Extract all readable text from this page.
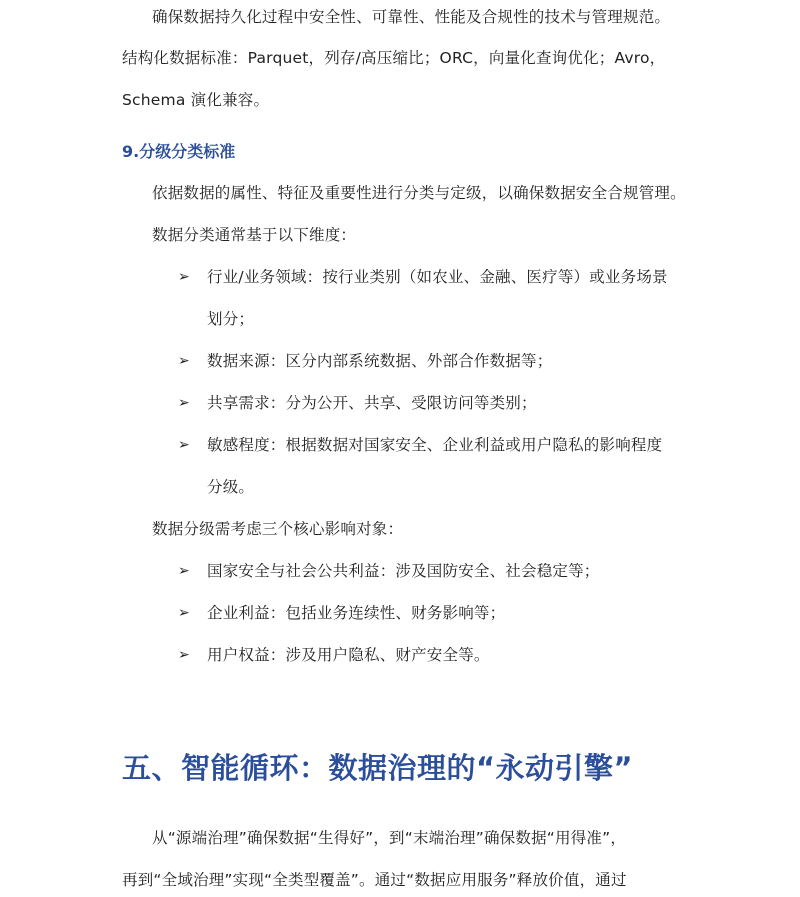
确保数据持久化过程中安全性、可靠性、性能及合规性的技术与管理规范。
结构化数据标准：Parquet，列存/高压缩比；ORC，向量化查询优化；Avro，
Schema 演化兼容。
9.分级分类标准
依据数据的属性、特征及重要性进行分类与定级，以确保数据安全合规管理。
数据分类通常基于以下维度：
➢ 行业/业务领域：按行业类别（如农业、金融、医疗等）或业务场景
划分；
➢ 数据来源：区分内部系统数据、外部合作数据等；
➢ 共享需求：分为公开、共享、受限访问等类别；
➢ 敏感程度：根据数据对国家安全、企业利益或用户隐私的影响程度
分级。
数据分级需考虑三个核心影响对象：
➢ 国家安全与社会公共利益：涉及国防安全、社会稳定等；
➢ 企业利益：包括业务连续性、财务影响等；
➢ 用户权益：涉及用户隐私、财产安全等。
五、智能循环：数据治理的“永动引擎”
从“源端治理”确保数据“生得好”，到“末端治理”确保数据“用得准”，
再到“全域治理”实现“全类型覆盖”。通过“数据应用服务”释放价值，通过
